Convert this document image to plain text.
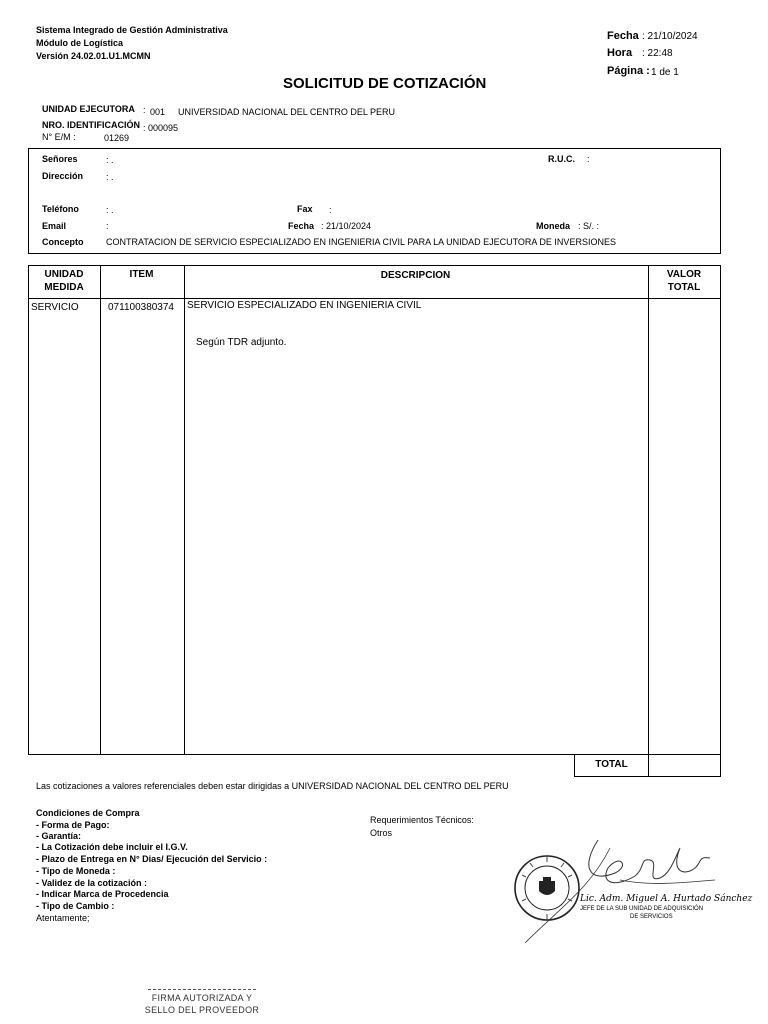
Sistema Integrado de Gestión Administrativa
Módulo de Logística
Versión 24.02.01.U1.MCMN
Fecha : 21/10/2024
Hora : 22:48
Página : 1 de 1
SOLICITUD DE COTIZACIÓN
UNIDAD EJECUTORA : 001 UNIVERSIDAD NACIONAL DEL CENTRO DEL PERU
NRO. IDENTIFICACIÓN : 000095
N° E/M :	01269
Señores	: .	R.U.C. :
Dirección	: .
Teléfono	: .	Fax :
Email	:	Fecha : 21/10/2024	Moneda : S/. :
Concepto	CONTRATACION DE SERVICIO ESPECIALIZADO EN INGENIERIA CIVIL PARA LA UNIDAD EJECUTORA DE INVERSIONES
UNIDAD
MEDIDA
ITEM	DESCRIPCION	VALOR
TOTAL
SERVICIO	071100380374 SERVICIO ESPECIALIZADO EN INGENIERIA CIVIL
Según TDR adjunto.
TOTAL
Las cotizaciones a valores referenciales deben estar dirigidas a UNIVERSIDAD NACIONAL DEL CENTRO DEL PERU
Condiciones de Compra
- Forma de Pago:
- Garantía:
- La Cotización debe incluir el I.G.V.
- Plazo de Entrega en N° Dias/ Ejecución del Servicio :
- Tipo de Moneda :
- Validez de la cotización :
- Indicar Marca de Procedencia
- Tipo de Cambio :
Atentamente;
Requerimientos Técnicos:
Otros
Lic. Adm. Miguel A. Hurtado Sánchez
JEFE DE LA SUB UNIDAD DE ADQUISICIÓN
DE SERVICIOS
FIRMA AUTORIZADA Y
SELLO DEL PROVEEDOR
